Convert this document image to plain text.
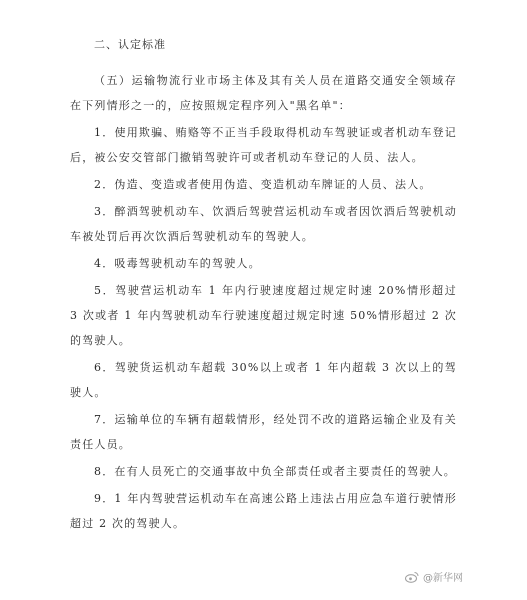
二、认定标准

（五）运输物流行业市场主体及其有关人员在道路交通安全领域存在下列情形之一的，应按照规定程序列入"黑名单"：

1．使用欺骗、贿赂等不正当手段取得机动车驾驶证或者机动车登记后，被公安交管部门撤销驾驶许可或者机动车登记的人员、法人。

2．伪造、变造或者使用伪造、变造机动车牌证的人员、法人。

3．醉酒驾驶机动车、饮酒后驾驶营运机动车或者因饮酒后驾驶机动车被处罚后再次饮酒后驾驶机动车的驾驶人。

4．吸毒驾驶机动车的驾驶人。

5．驾驶营运机动车 1 年内行驶速度超过规定时速 20%情形超过 3 次或者 1 年内驾驶机动车行驶速度超过规定时速 50%情形超过 2 次的驾驶人。

6．驾驶货运机动车超载 30%以上或者 1 年内超载 3 次以上的驾驶人。

7．运输单位的车辆有超载情形，经处罚不改的道路运输企业及有关责任人员。

8．在有人员死亡的交通事故中负全部责任或者主要责任的驾驶人。

9．1 年内驾驶营运机动车在高速公路上违法占用应急车道行驶情形超过 2 次的驾驶人。

@新华网
